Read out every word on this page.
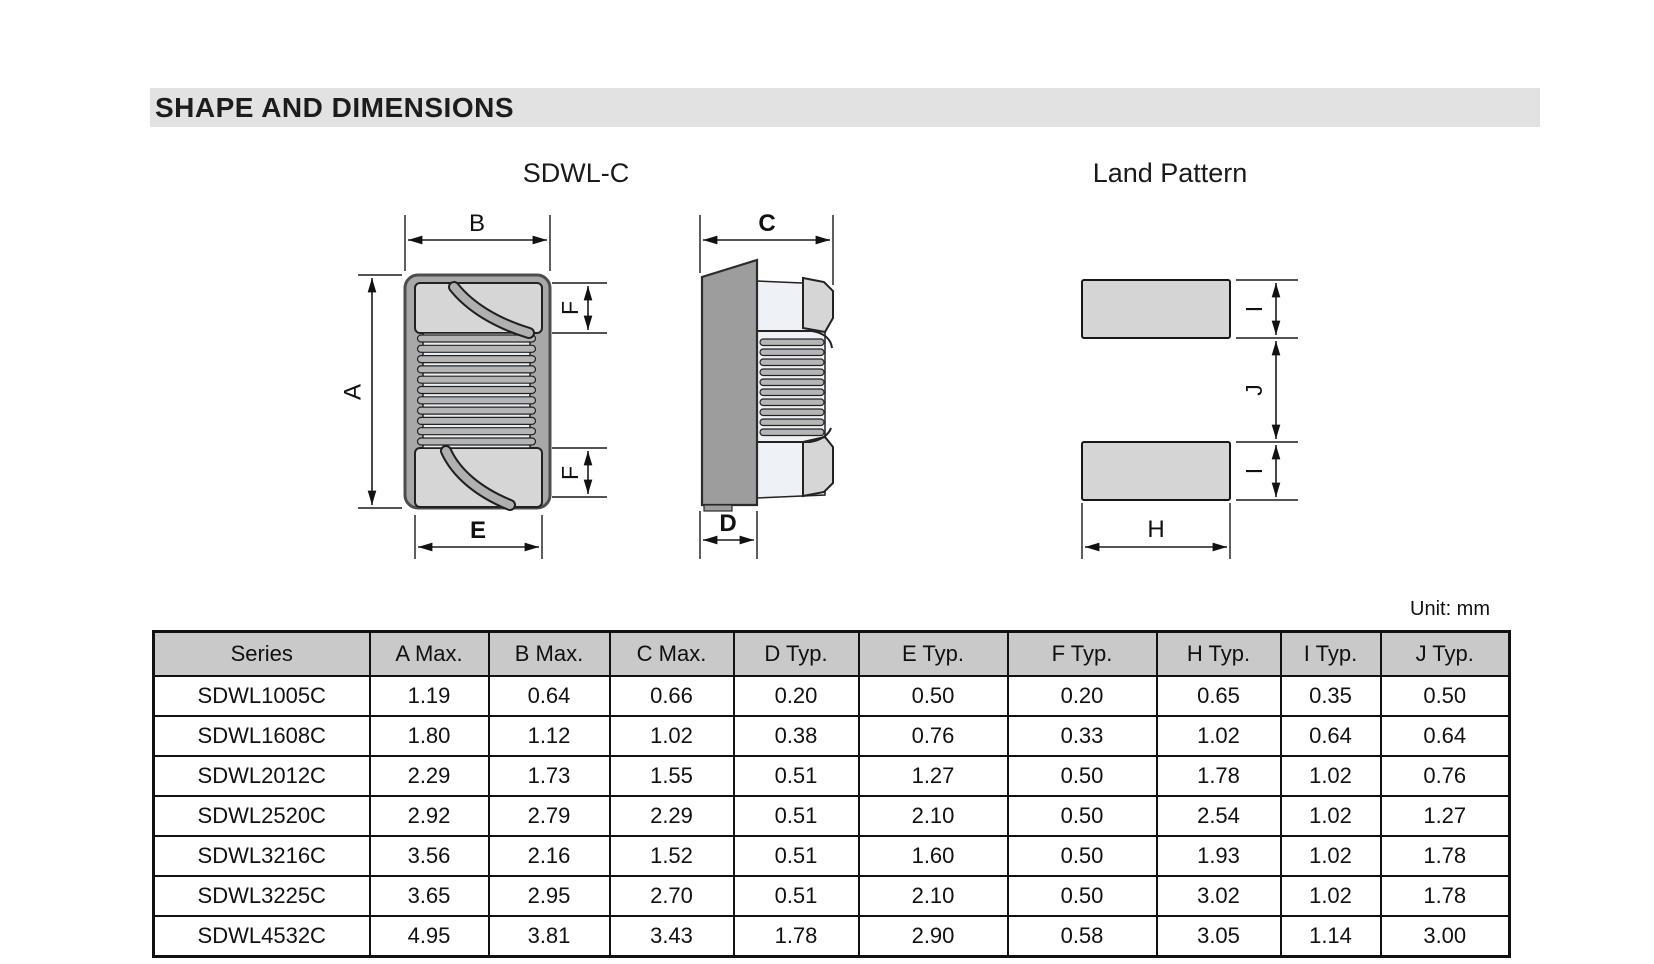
SHAPE AND DIMENSIONS
SDWL-C	Land Pattern
B
A
F
F
E
C
D
I
J
I
H
Unit: mm
Series	A Max.	B Max.	C Max.	D Typ.	E Typ.	F Typ.	H Typ.	I Typ.	J Typ.
SDWL1005C	1.19	0.64	0.66	0.20	0.50	0.20	0.65	0.35	0.50
SDWL1608C	1.80	1.12	1.02	0.38	0.76	0.33	1.02	0.64	0.64
SDWL2012C	2.29	1.73	1.55	0.51	1.27	0.50	1.78	1.02	0.76
SDWL2520C	2.92	2.79	2.29	0.51	2.10	0.50	2.54	1.02	1.27
SDWL3216C	3.56	2.16	1.52	0.51	1.60	0.50	1.93	1.02	1.78
SDWL3225C	3.65	2.95	2.70	0.51	2.10	0.50	3.02	1.02	1.78
SDWL4532C	4.95	3.81	3.43	1.78	2.90	0.58	3.05	1.14	3.00
